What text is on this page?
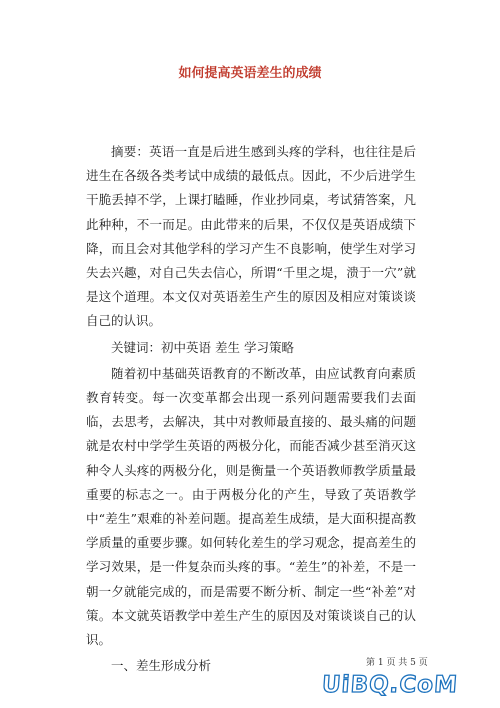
如何提高英语差生的成绩

摘要：英语一直是后进生感到头疼的学科，也往往是后进生在各级各类考试中成绩的最低点。因此，不少后进学生干脆丢掉不学，上课打瞌睡，作业抄同桌，考试猜答案，凡此种种，不一而足。由此带来的后果，不仅仅是英语成绩下降，而且会对其他学科的学习产生不良影响，使学生对学习失去兴趣，对自己失去信心，所谓“千里之堤，溃于一穴”就是这个道理。本文仅对英语差生产生的原因及相应对策谈谈自己的认识。

关键词：初中英语 差生 学习策略

随着初中基础英语教育的不断改革，由应试教育向素质教育转变。每一次变革都会出现一系列问题需要我们去面临，去思考，去解决，其中对教师最直接的、最头痛的问题就是农村中学学生英语的两极分化，而能否减少甚至消灭这种令人头疼的两极分化，则是衡量一个英语教师教学质量最重要的标志之一。由于两极分化的产生，导致了英语教学中“差生”艰难的补差问题。提高差生成绩，是大面积提高教学质量的重要步骤。如何转化差生的学习观念，提高差生的学习效果，是一件复杂而头疼的事。“差生”的补差，不是一朝一夕就能完成的，而是需要不断分析、制定一些“补差”对策。本文就英语教学中差生产生的原因及对策谈谈自己的认识。

一、差生形成分析	第 1 页 共 5 页
UiBQ.CoM
